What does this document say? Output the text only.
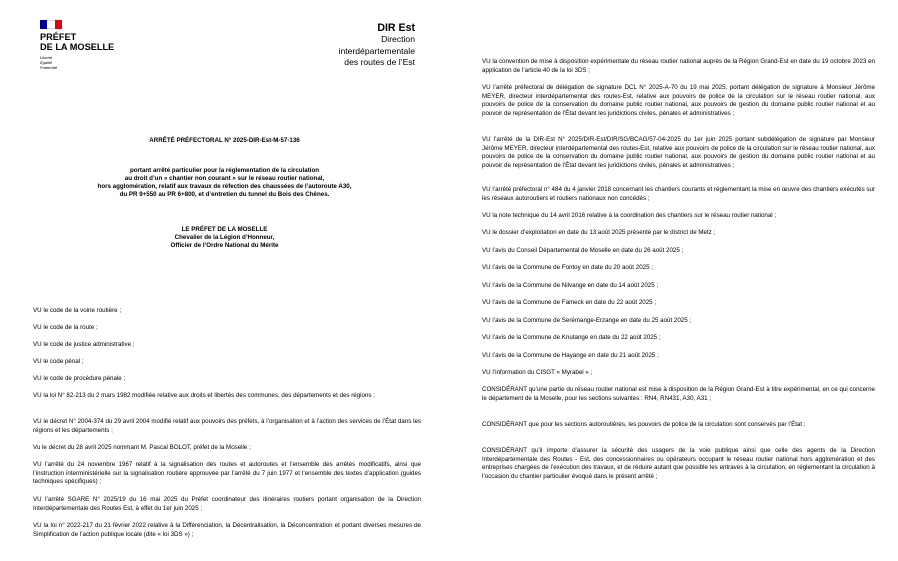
PRÉFET
DE LA MOSELLE
Liberté
Égalité
Fraternité
DIR Est
Direction
interdépartementale
des routes de l’Est
ARRÊTÉ PRÉFECTORAL N° 2025-DIR-Est-M-57-136
portant arrêté particulier pour la réglementation de la circulation
au droit d’un « chantier non courant » sur le réseau routier national,
hors agglomération, relatif aux travaux de réfection des chaussées de l’autoroute A30,
du PR 9+550 au PR 6+800, et d’entretien du tunnel du Bois des Chênes.
LE PRÉFET DE LA MOSELLE
Chevalier de la Légion d’Honneur,
Officier de l’Ordre National du Mérite

VU le code de la voirie routière ;

VU le code de la route ;

VU le code de justice administrative ;

VU le code pénal ;

VU le code de procédure pénale ;

VU la loi N° 82-213 du 2 mars 1982 modifiée relative aux droits et libertés des communes, des départements et des régions ;

VU le décret N° 2004-374 du 29 avril 2004 modifié relatif aux pouvoirs des préfets, à l’organisation et à l’action des services de l’État dans les régions et les départements ;

Vu le décret du 28 avril 2025 nommant M. Pascal BOLOT, préfet de la Moselle ;

VU l’arrêté du 24 novembre 1967 relatif à la signalisation des routes et autoroutes et l’ensemble des arrêtés modificatifs, ainsi que l’instruction interministérielle sur la signalisation routière approuvée par l’arrêté du 7 juin 1977 et l’ensemble des textes d’application (guides techniques spécifiques) ;

VU l’arrêté SGARE N° 2025/19 du 16 mai 2025 du Préfet coordinateur des itinéraires routiers portant organisation de la Direction Interdépartementale des Routes Est, à effet du 1er juin 2025 ;

VU la loi n° 2022-217 du 21 février 2022 relative à la Différenciation, la Décentralisation, la Déconcentration et portant diverses mesures de Simplification de l’action publique locale (dite « loi 3DS ») ;

VU la convention de mise à disposition expérimentale du réseau routier national auprès de la Région Grand-Est en date du 19 octobre 2023 en application de l’article 40 de la loi 3DS ;

VU l’arrêté préfectoral de délégation de signature DCL N° 2025-A-70 du 19 mai 2025, portant délégation de signature à Monsieur Jérôme MEYER, directeur interdépartemental des routes-Est, relative aux pouvoirs de police de la circulation sur le réseau routier national, aux pouvoirs de police de la conservation du domaine public routier national, aux pouvoirs de gestion du domaine public routier national et au pouvoir de représentation de l’État devant les juridictions civiles, pénales et administratives ;

VU l’arrêté de la DIR-Est N° 2025/DIR-Est/DIR/SG/BCAG/57-04-2025 du 1er juin 2025 portant subdélégation de signature par Monsieur Jérôme MEYER, directeur interdépartemental des routes-Est, relative aux pouvoirs de police de la circulation sur le réseau routier national, aux pouvoirs de police de la conservation du domaine public routier national, aux pouvoirs de gestion du domaine public routier national et au pouvoir de représentation de l’État devant les juridictions civiles, pénales et administratives ;

VU l’arrêté préfectoral n° 484 du 4 janvier 2018 concernant les chantiers courants et réglementant la mise en œuvre des chantiers exécutés sur les réseaux autoroutiers et routiers nationaux non concédés ;

VU la note technique du 14 avril 2016 relative à la coordination des chantiers sur le réseau routier national ;

VU le dossier d’exploitation en date du 13 août 2025 présenté par le district de Metz ;

VU l’avis du Conseil Départemental de Moselle en date du 26 août 2025 ;

VU l’avis de la Commune de Fontoy en date du 20 août 2025 ;

VU l’avis de la Commune de Nilvange en date du 14 août 2025 ;

VU l’avis de la Commune de Fameck en date du 22 août 2025 ;

VU l’avis de la Commune de Serémange-Erzange en date du 25 août 2025 ;

VU l’avis de la Commune de Knutange en date du 22 août 2025 ;

VU l’avis de la Commune de Hayange en date du 21 août 2025 ;

VU l’information du CISGT « Myrabel » ;

CONSIDÉRANT qu’une partie du réseau routier national est mise à disposition de la Région Grand-Est à titre expérimental, en ce qui concerne le département de la Moselle, pour les sections suivantes : RN4, RN431, A30, A31 ;

CONSIDÉRANT que pour les sections autoroutières, les pouvoirs de police de la circulation sont conservés par l’État ;

CONSIDÉRANT qu’il importe d’assurer la sécurité des usagers de la voie publique ainsi que celle des agents de la Direction Interdépartementale des Routes - Est, des concessionnaires ou opérateurs occupant le réseau routier national hors agglomération et des entreprises chargées de l’exécution des travaux, et de réduire autant que possible les entraves à la circulation, en réglementant la circulation à l’occasion du chantier particulier évoqué dans le présent arrêté ;
